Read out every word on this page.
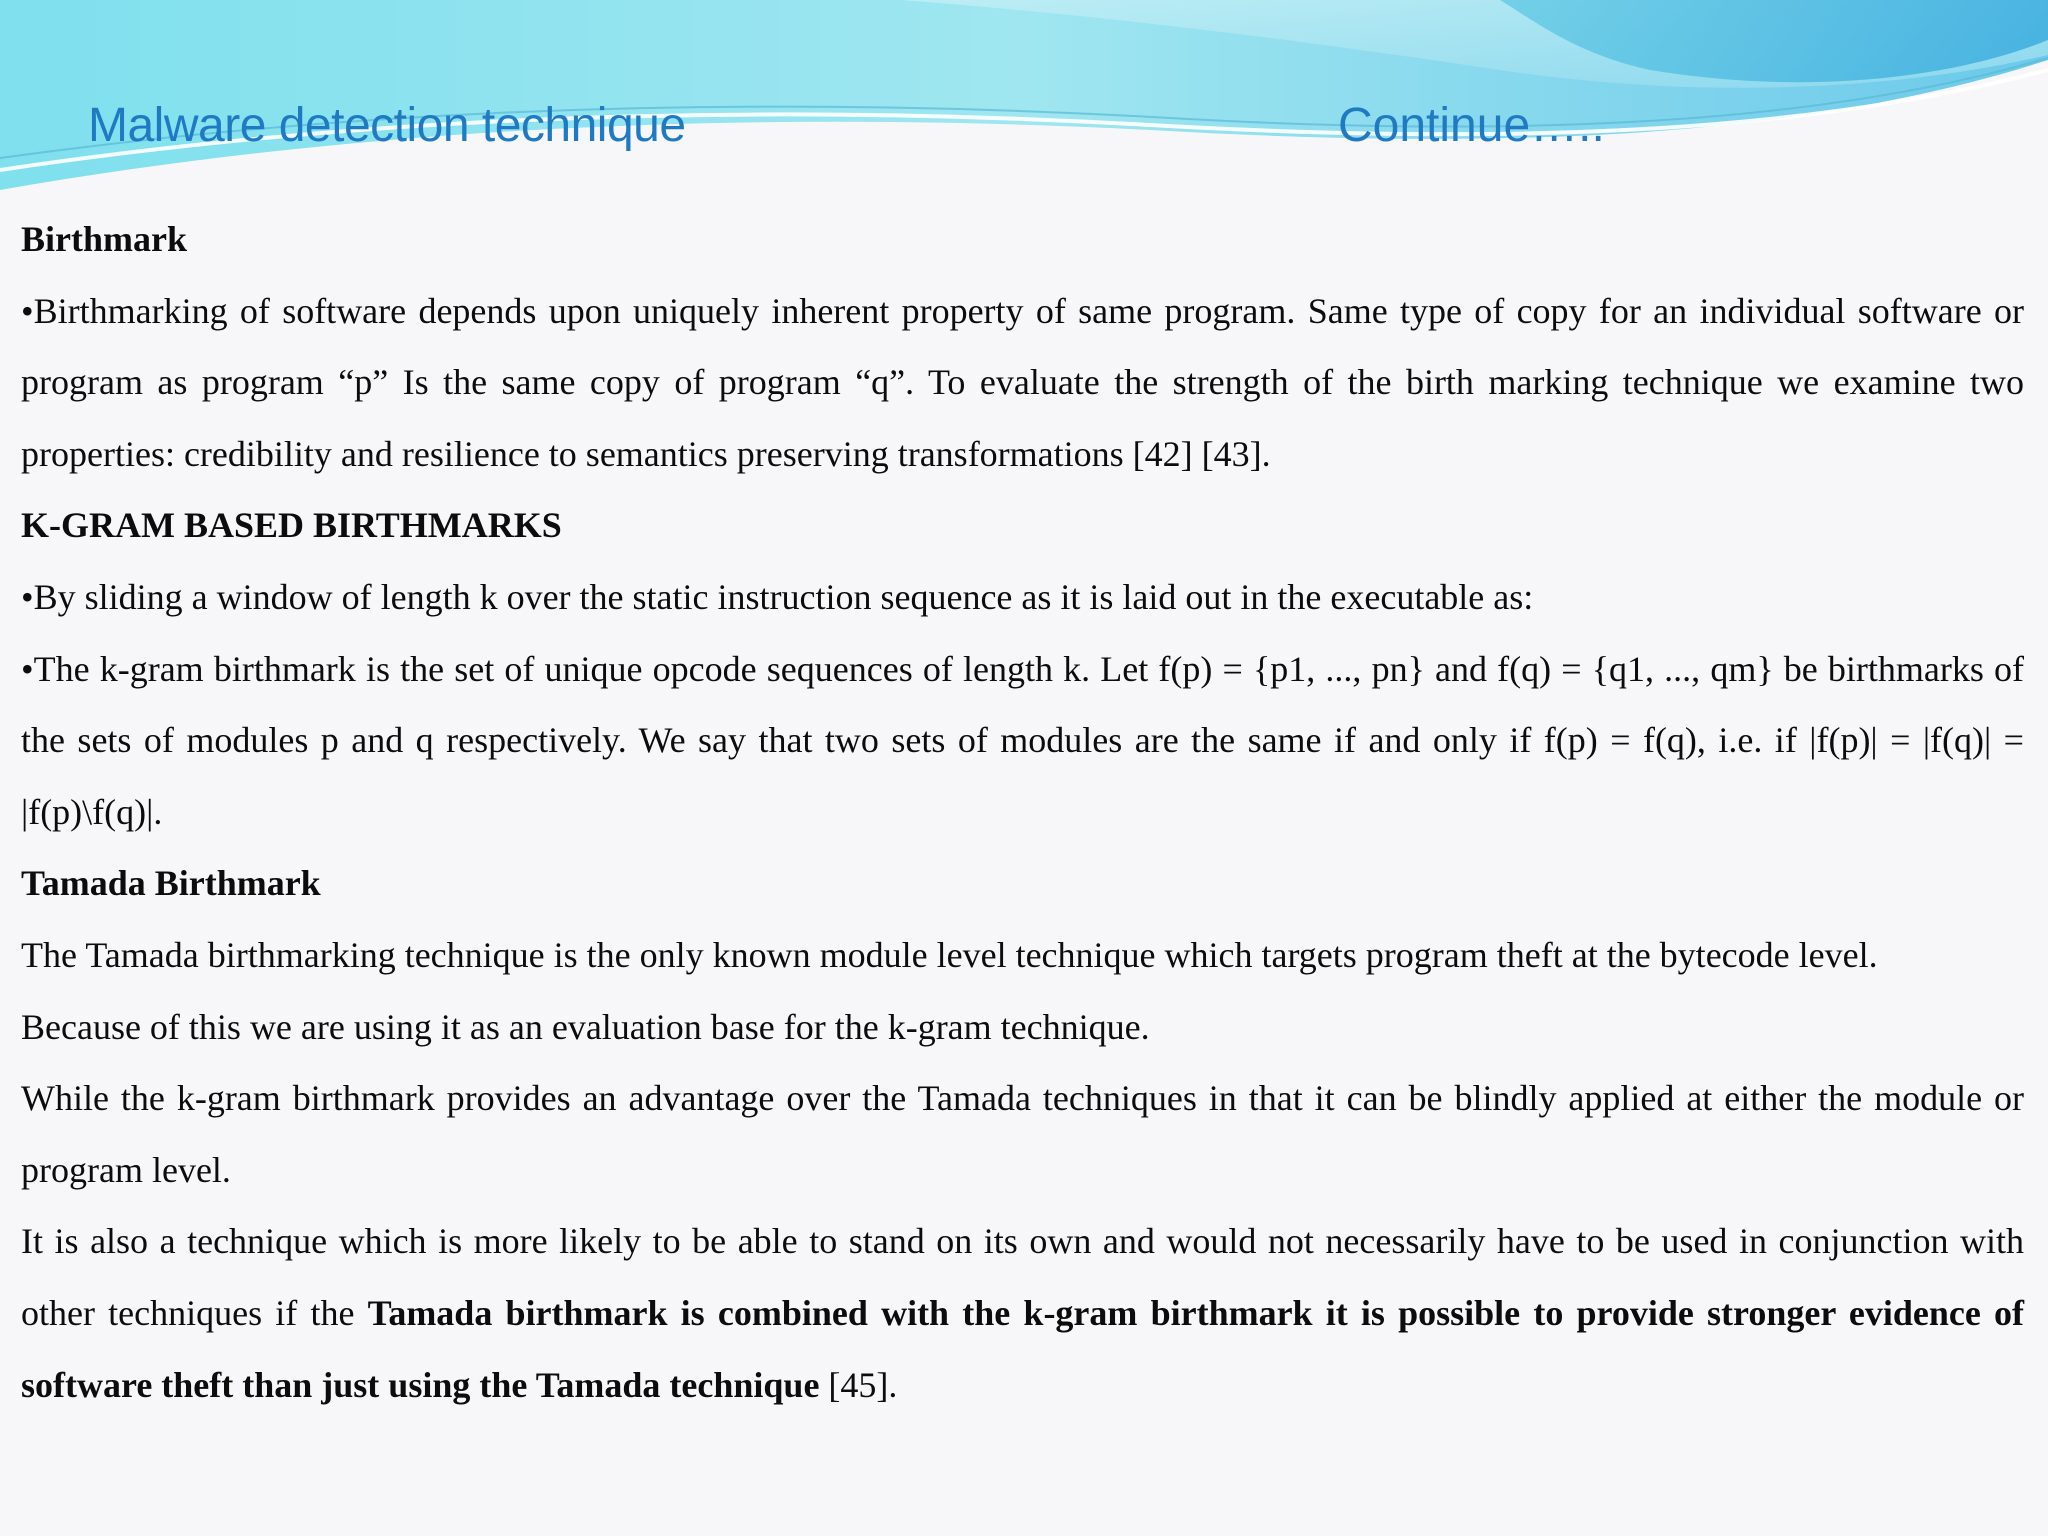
Malware detection technique	Continue…..

Birthmark

•Birthmarking of software depends upon uniquely inherent property of same program. Same type of copy for an individual software or program as program “p” Is the same copy of program “q”. To evaluate the strength of the birth marking technique we examine two properties: credibility and resilience to semantics preserving transformations [42] [43].

K-GRAM BASED BIRTHMARKS

•By sliding a window of length k over the static instruction sequence as it is laid out in the executable as:

•The k-gram birthmark is the set of unique opcode sequences of length k. Let f(p) = {p1, ..., pn} and f(q) = {q1, ..., qm} be birthmarks of the sets of modules p and q respectively. We say that two sets of modules are the same if and only if f(p) = f(q), i.e. if |f(p)| = |f(q)| = |f(p)\f(q)|.

Tamada Birthmark

The Tamada birthmarking technique is the only known module level technique which targets program theft at the bytecode level.

Because of this we are using it as an evaluation base for the k-gram technique.

While the k-gram birthmark provides an advantage over the Tamada techniques in that it can be blindly applied at either the module or program level.

It is also a technique which is more likely to be able to stand on its own and would not necessarily have to be used in conjunction with other techniques if the Tamada birthmark is combined with the k-gram birthmark it is possible to provide stronger evidence of software theft than just using the Tamada technique [45].
